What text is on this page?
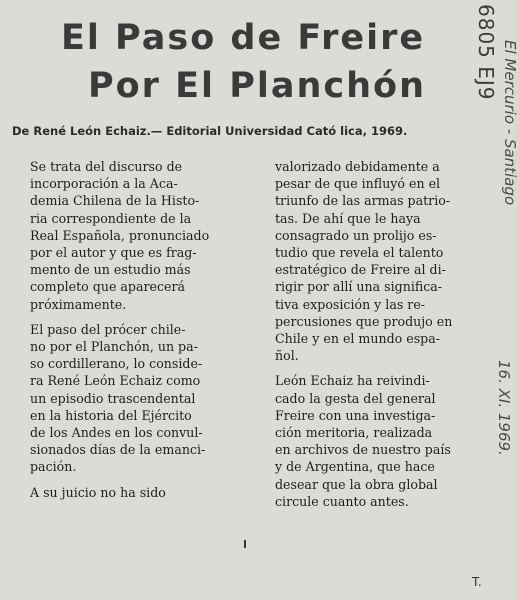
El Paso de Freire
Por El Planchón
De René León Echaiz.— Editorial Universidad Cató lica, 1969.

Se trata del discurso de
incorporación a la Aca-
demia Chilena de la Histo-
ria correspondiente de la
Real Española, pronunciado
por el autor y que es frag-
mento de un estudio más
completo que aparecerá
próximamente.

El paso del prócer chile-
no por el Planchón, un pa-
so cordillerano, lo conside-
ra René León Echaiz como
un episodio trascendental
en la historia del Ejército
de los Andes en los convul-
sionados días de la emanci-
pación.

A su juicio no ha sido

valorizado debidamente a
pesar de que influyó en el
triunfo de las armas patrio-
tas. De ahí que le haya
consagrado un prolijo es-
tudio que revela el talento
estratégico de Freire al di-
rigir por allí una significa-
tiva exposición y las re-
percusiones que produjo en
Chile y en el mundo espa-
ñol.

León Echaiz ha reivindi-
cado la gesta del general
Freire con una investiga-
ción meritoria, realizada
en archivos de nuestro país
y de Argentina, que hace
desear que la obra global
circule cuanto antes.

6805 EJ9 El Mercurio - Santiago
16. XI. 1969.
T.
